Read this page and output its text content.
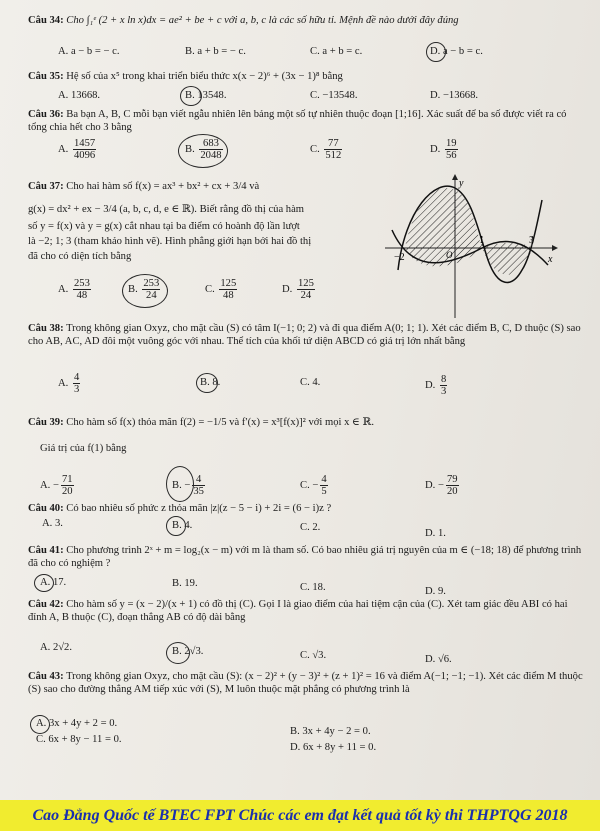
Câu 34: Cho ∫₁ᵉ (2 + x ln x)dx = ae² + be + c với a, b, c là các số hữu tỉ. Mệnh đề nào dưới đây đúng
A. a − b = − c.	B. a + b = − c.	C. a + b = c.	D. a − b = c.
Câu 35: Hệ số của x⁵ trong khai triển biểu thức x(x − 2)⁶ + (3x − 1)⁸ bằng
A. 13668.	B. 13548.	C. −13548.	D. −13668.
Câu 36: Ba bạn A, B, C mỗi bạn viết ngẫu nhiên lên bảng một số tự nhiên thuộc đoạn [1;16]. Xác suất để ba số được viết ra có tổng chia hết cho 3 bằng
A. $\frac{1457}{4096}$	B. $\frac{683}{2048}$	C. $\frac{77}{512}$	D. $\frac{19}{56}$
Câu 37: Cho hai hàm số f(x) = ax³ + bx² + cx + 3/4 và

g(x) = dx² + ex − 3/4 (a, b, c, d, e ∈ ℝ). Biết rằng đồ thị của hàm
số y = f(x) và y = g(x) cắt nhau tại ba điểm có hoành độ lần lượt
là −2; 1; 3 (tham khảo hình vẽ). Hình phẳng giới hạn bởi hai đồ thị
đã cho có diện tích bằng
A. $\frac{253}{48}$	B. $\frac{253}{24}$	C. $\frac{125}{48}$	D. $\frac{125}{24}$
y
x
−2
1	3
O
Câu 38: Trong không gian Oxyz, cho mặt cầu (S) có tâm I(−1; 0; 2) và đi qua điểm A(0; 1; 1). Xét các điểm B, C, D thuộc (S) sao cho AB, AC, AD đôi một vuông góc với nhau. Thể tích của khối tứ diện ABCD có giá trị lớn nhất bằng
A. $\frac{4}{3}$	B. 8.	C. 4.	D. $\frac{8}{3}$
Câu 39: Cho hàm số f(x) thỏa mãn f(2) = −1/5 và f′(x) = x³[f(x)]² với mọi x ∈ ℝ.
Giá trị của f(1) bằng
A. − $\frac{71}{20}$	B. − $\frac{4}{35}$	C. − $\frac{4}{5}$	D. − $\frac{79}{20}$
Câu 40: Có bao nhiêu số phức z thỏa mãn |z|(z − 5 − i) + 2i = (6 − i)z ?
A. 3.	B. 4.	C. 2.
D. 1.
Câu 41: Cho phương trình 2ˣ + m = log₂(x − m) với m là tham số. Có bao nhiêu giá trị nguyên của m ∈ (−18; 18) để phương trình đã cho có nghiệm ?
A. 17.	B. 19.	C. 18.	D. 9.
Câu 42: Cho hàm số y = (x − 2)/(x + 1) có đồ thị (C). Gọi I là giao điểm của hai tiệm cận của (C). Xét tam giác đều ABI có hai đỉnh A, B thuộc (C), đoạn thẳng AB có độ dài bằng
A. 2√2.	B. 2√3.	C. √3.	D. √6.
Câu 43: Trong không gian Oxyz, cho mặt cầu (S): (x − 2)² + (y − 3)² + (z + 1)² = 16 và điểm A(−1; −1; −1). Xét các điểm M thuộc (S) sao cho đường thẳng AM tiếp xúc với (S), M luôn thuộc mặt phẳng có phương trình là
A. 3x + 4y + 2 = 0.
B. 3x + 4y − 2 = 0.
C. 6x + 8y − 11 = 0.
D. 6x + 8y + 11 = 0.
Cao Đẳng Quốc tế BTEC FPT Chúc các em đạt kết quả tốt kỳ thi THPTQG 2018
